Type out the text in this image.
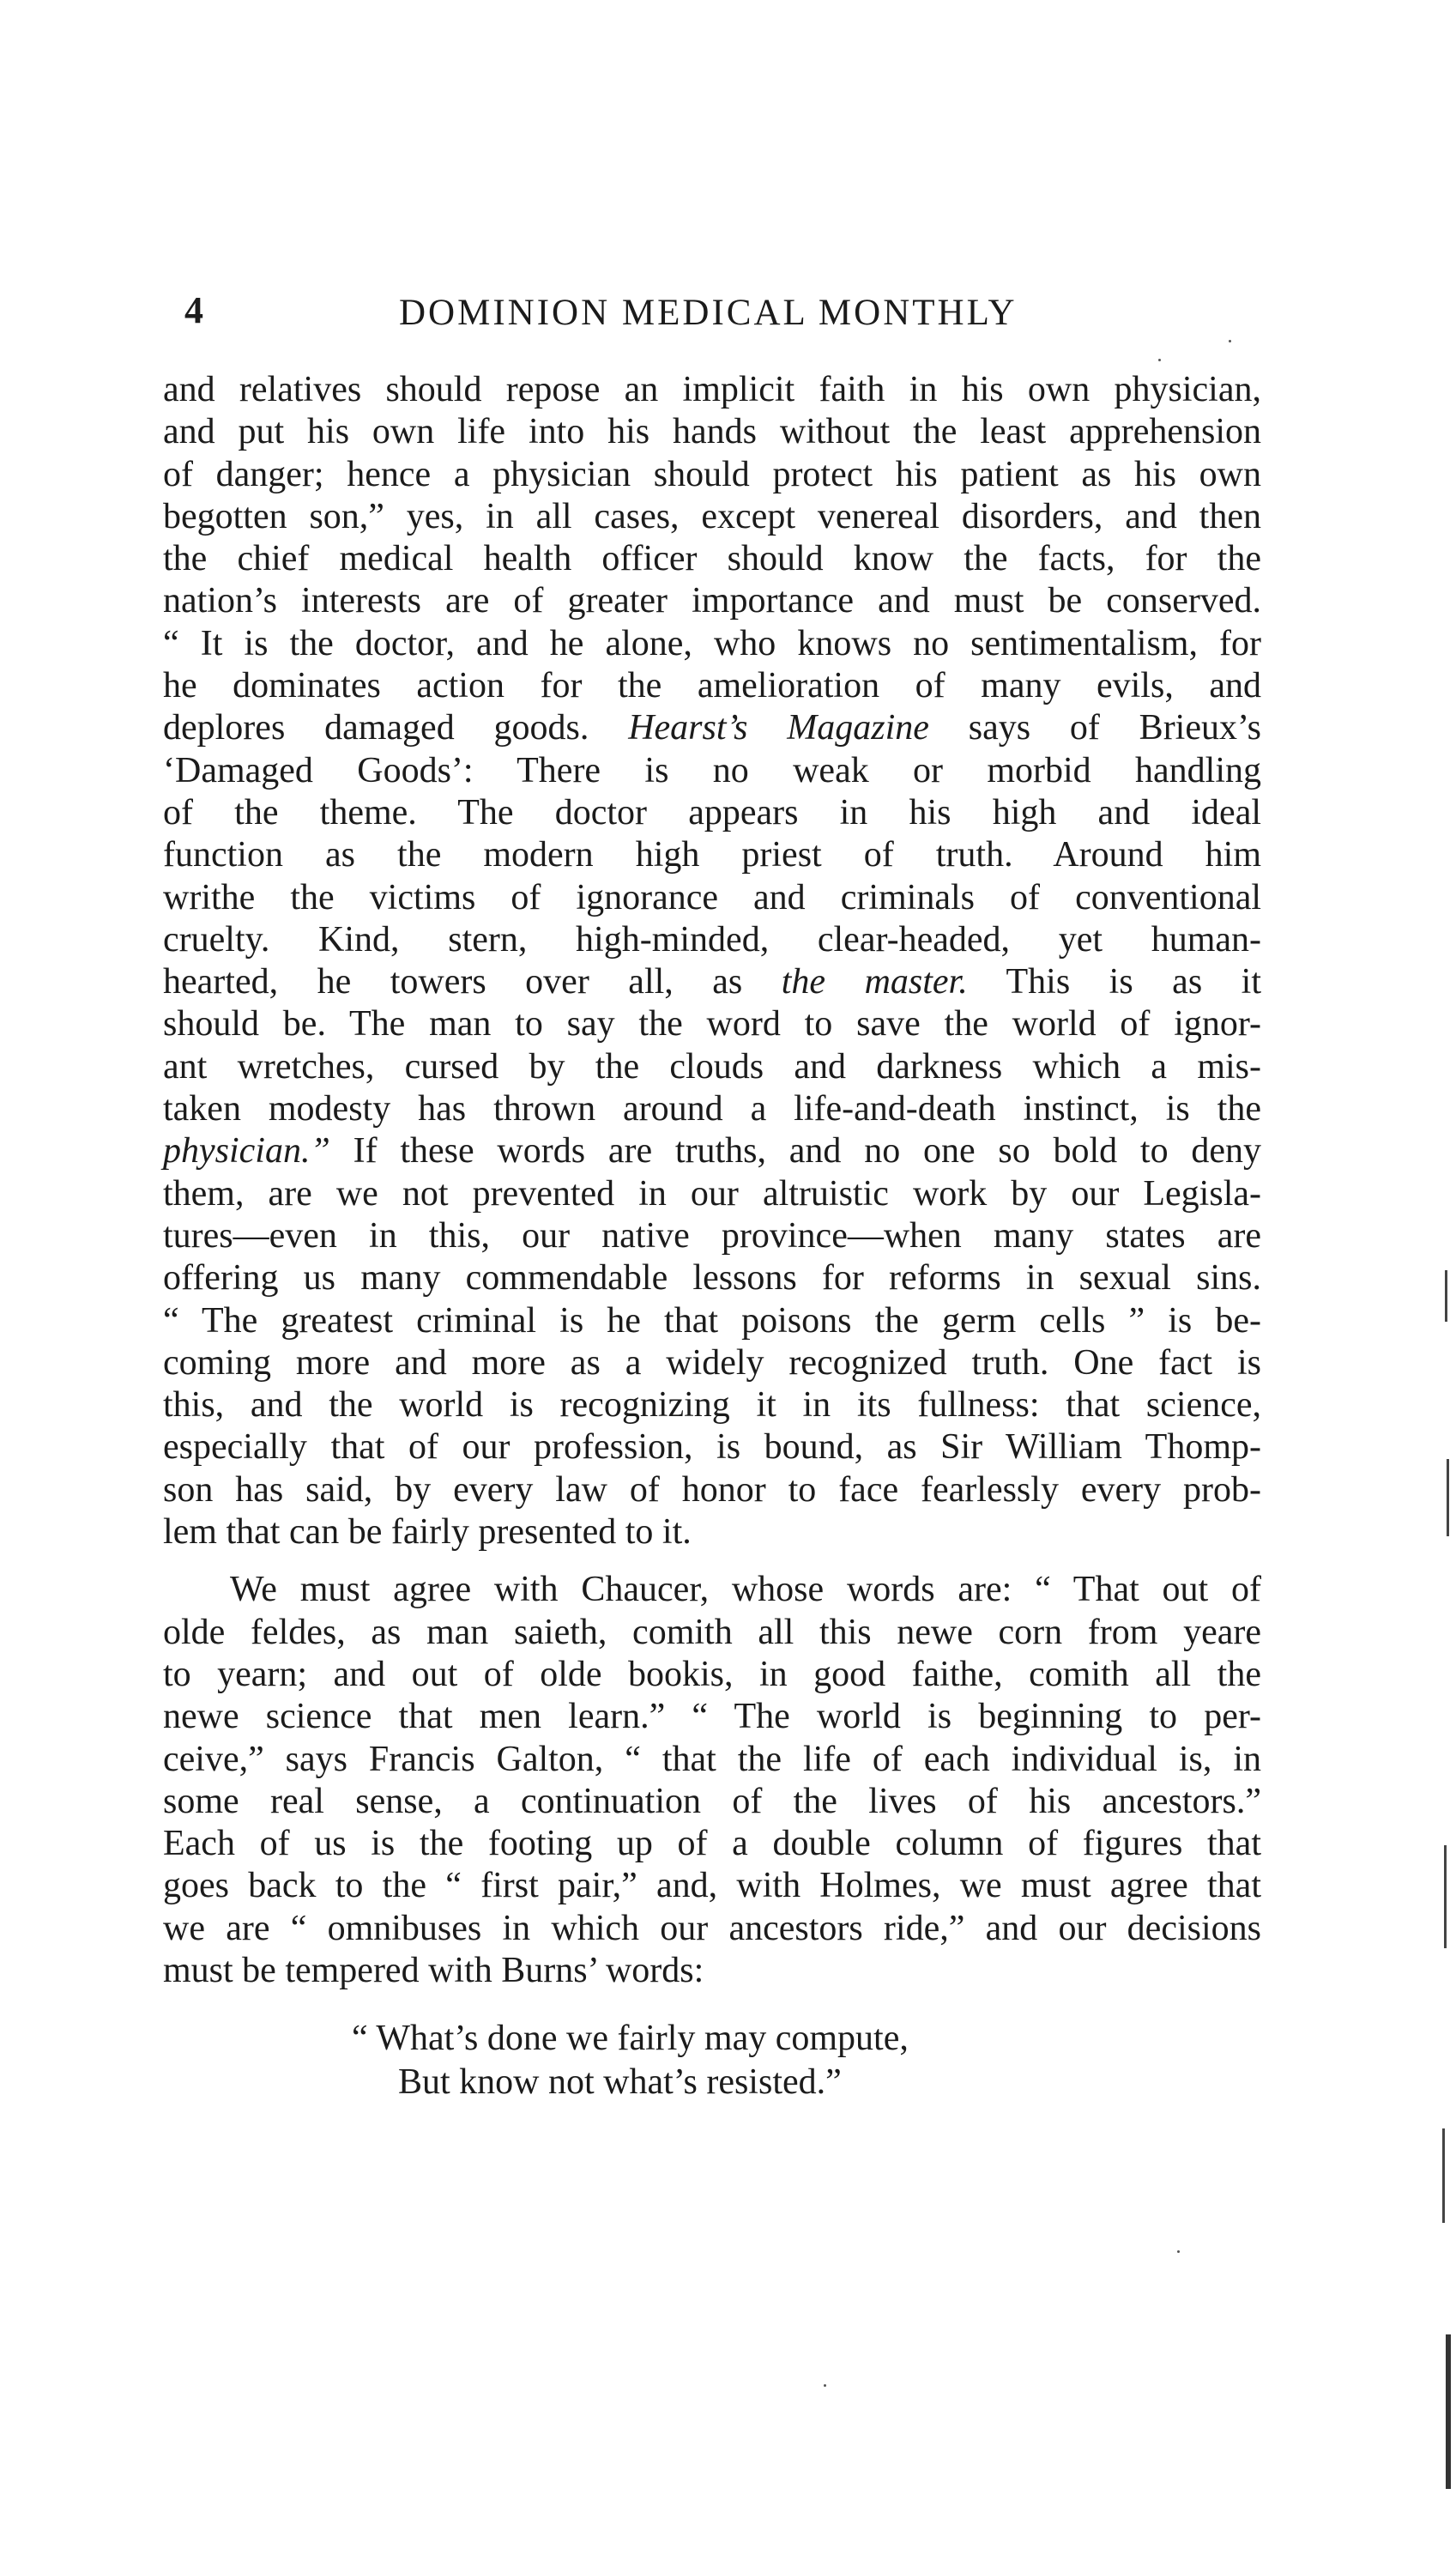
4	DOMINION MEDICAL MONTHLY
and relatives should repose an implicit faith in his own physician,
and put his own life into his hands without the least apprehension
of danger; hence a physician should protect his patient as his own
begotten son,” yes, in all cases, except venereal disorders, and then
the chief medical health officer should know the facts, for the
nation’s interests are of greater importance and must be conserved.
“ It is the doctor, and he alone, who knows no sentimentalism, for
he dominates action for the amelioration of many evils, and
deplores damaged goods. Hearst’s Magazine says of Brieux’s
‘Damaged Goods’: There is no weak or morbid handling
of the theme. The doctor appears in his high and ideal
function as the modern high priest of truth. Around him
writhe the victims of ignorance and criminals of conventional
cruelty. Kind, stern, high-minded, clear-headed, yet human-
hearted, he towers over all, as the master. This is as it
should be. The man to say the word to save the world of ignor-
ant wretches, cursed by the clouds and darkness which a mis-
taken modesty has thrown around a life-and-death instinct, is the
physician.” If these words are truths, and no one so bold to deny
them, are we not prevented in our altruistic work by our Legisla-
tures—even in this, our native province—when many states are
offering us many commendable lessons for reforms in sexual sins.
“ The greatest criminal is he that poisons the germ cells ” is be-
coming more and more as a widely recognized truth. One fact is
this, and the world is recognizing it in its fullness: that science,
especially that of our profession, is bound, as Sir William Thomp-
son has said, by every law of honor to face fearlessly every prob-
lem that can be fairly presented to it.
We must agree with Chaucer, whose words are: “ That out of
olde feldes, as man saieth, comith all this newe corn from yeare
to yearn; and out of olde bookis, in good faithe, comith all the
newe science that men learn.” “ The world is beginning to per-
ceive,” says Francis Galton, “ that the life of each individual is, in
some real sense, a continuation of the lives of his ancestors.”
Each of us is the footing up of a double column of figures that
goes back to the “ first pair,” and, with Holmes, we must agree that
we are “ omnibuses in which our ancestors ride,” and our decisions
must be tempered with Burns’ words:
“ What’s done we fairly may compute,
But know not what’s resisted.”
